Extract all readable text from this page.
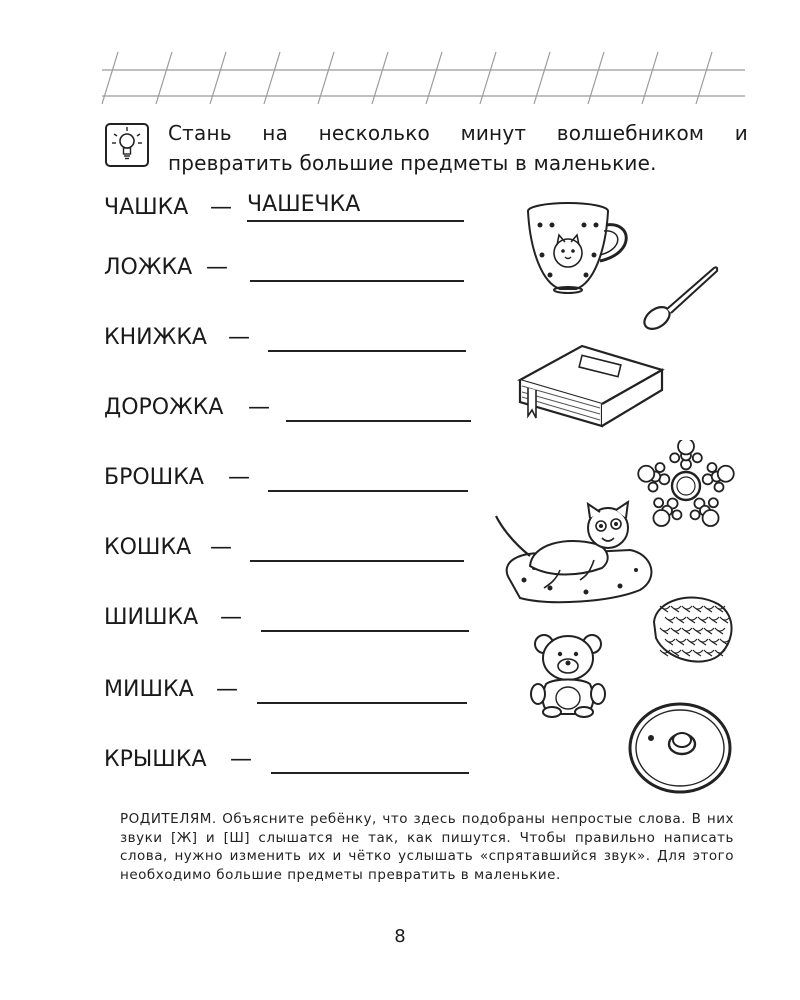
Стань на несколько минут волшебником и превратить большие предметы в маленькие.
ЧАШКА — ЧАШЕЧКА
ЛОЖКА —
КНИЖКА —
ДОРОЖКА —
БРОШКА —
КОШКА —
ШИШКА —
МИШКА —
КРЫШКА —
РОДИТЕЛЯМ. Объясните ребёнку, что здесь подобраны непростые слова. В них звуки [Ж] и [Ш] слышатся не так, как пишутся. Чтобы правильно написать слова, нужно изменить их и чётко услышать «спрятавшийся звук». Для этого необходимо большие предметы превратить в маленькие.
8
